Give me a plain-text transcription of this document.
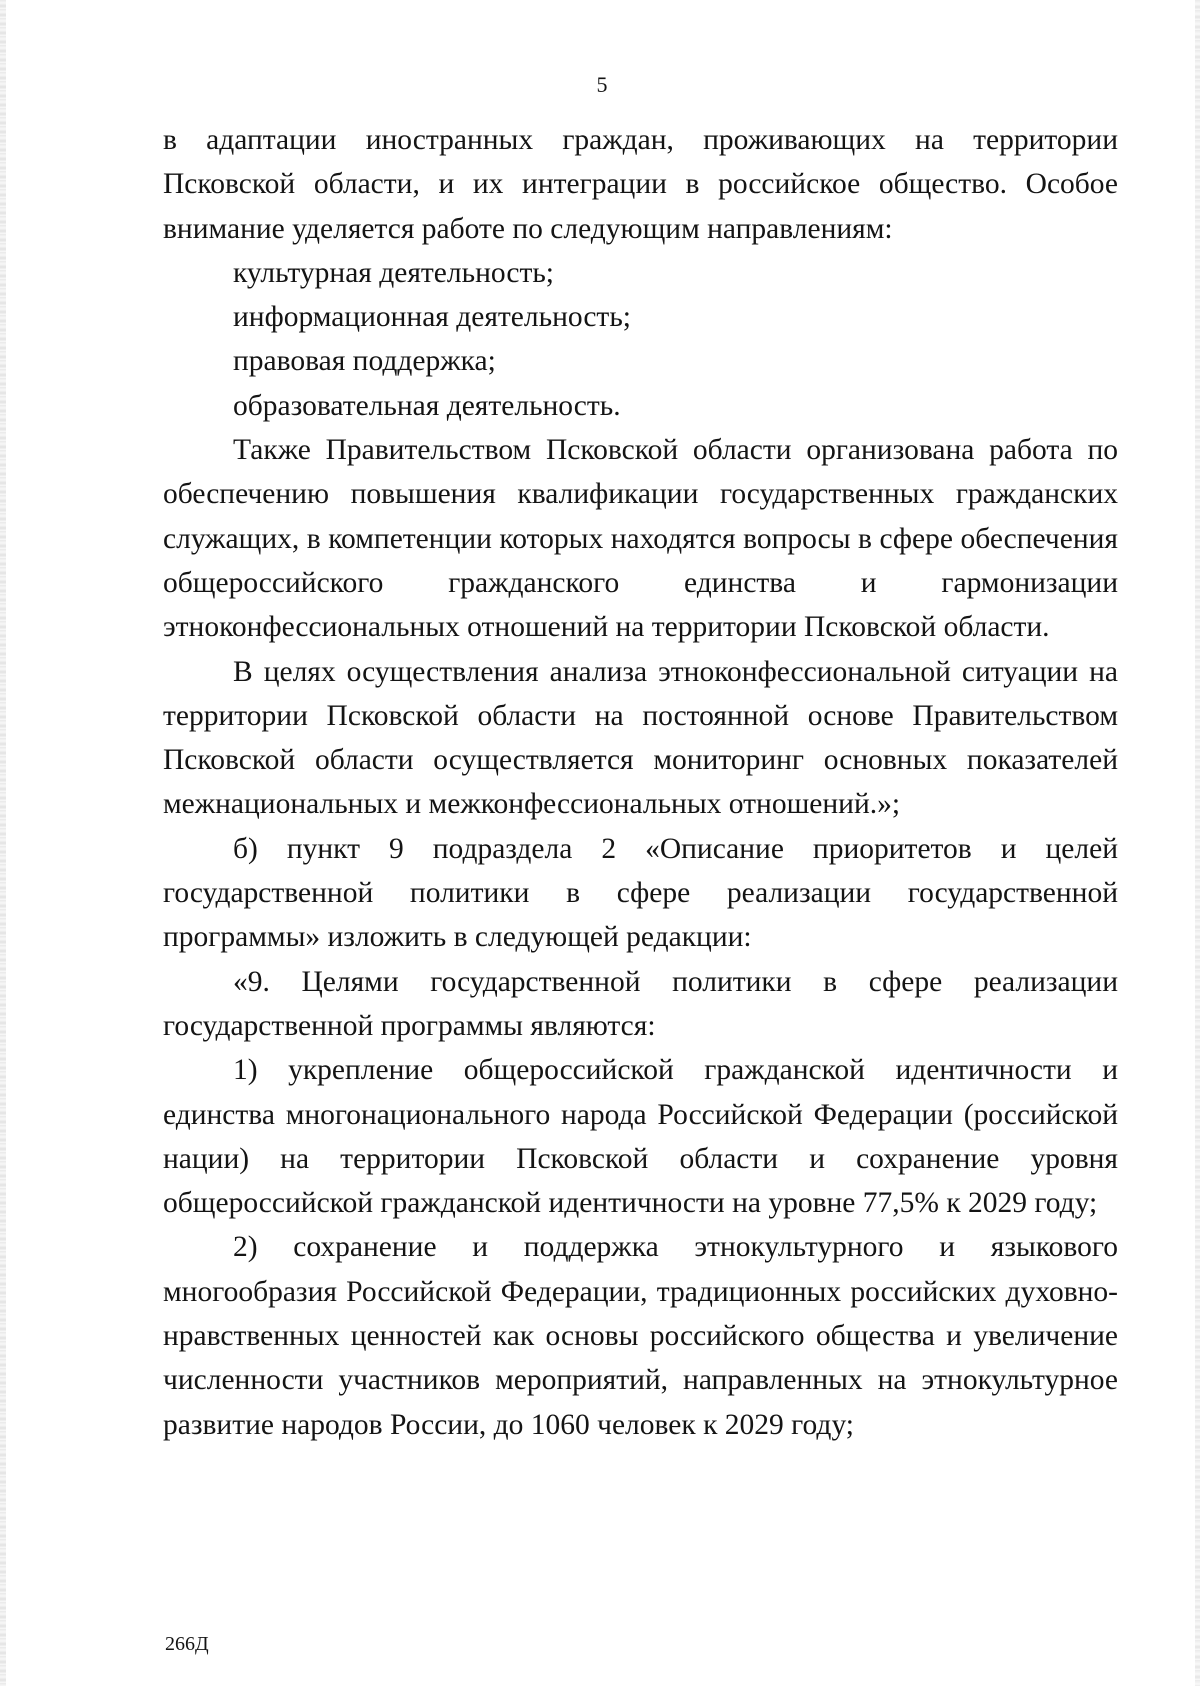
5

в адаптации иностранных граждан, проживающих на территории Псковской области, и их интеграции в российское общество. Особое внимание уделяется работе по следующим направлениям:

культурная деятельность;

информационная деятельность;

правовая поддержка;

образовательная деятельность.

Также Правительством Псковской области организована работа по обеспечению повышения квалификации государственных гражданских служащих, в компетенции которых находятся вопросы в сфере обеспечения общероссийского гражданского единства и гармонизации этноконфессиональных отношений на территории Псковской области.

В целях осуществления анализа этноконфессиональной ситуации на территории Псковской области на постоянной основе Правительством Псковской области осуществляется мониторинг основных показателей межнациональных и межконфессиональных отношений.»;

б) пункт 9 подраздела 2 «Описание приоритетов и целей государственной политики в сфере реализации государственной программы» изложить в следующей редакции:

«9. Целями государственной политики в сфере реализации государственной программы являются:

1) укрепление общероссийской гражданской идентичности и единства многонационального народа Российской Федерации (российской нации) на территории Псковской области и сохранение уровня общероссийской гражданской идентичности на уровне 77,5% к 2029 году;

2) сохранение и поддержка этнокультурного и языкового многообразия Российской Федерации, традиционных российских духовно-нравственных ценностей как основы российского общества и увеличение численности участников мероприятий, направленных на этнокультурное развитие народов России, до 1060 человек к 2029 году;

266Д
